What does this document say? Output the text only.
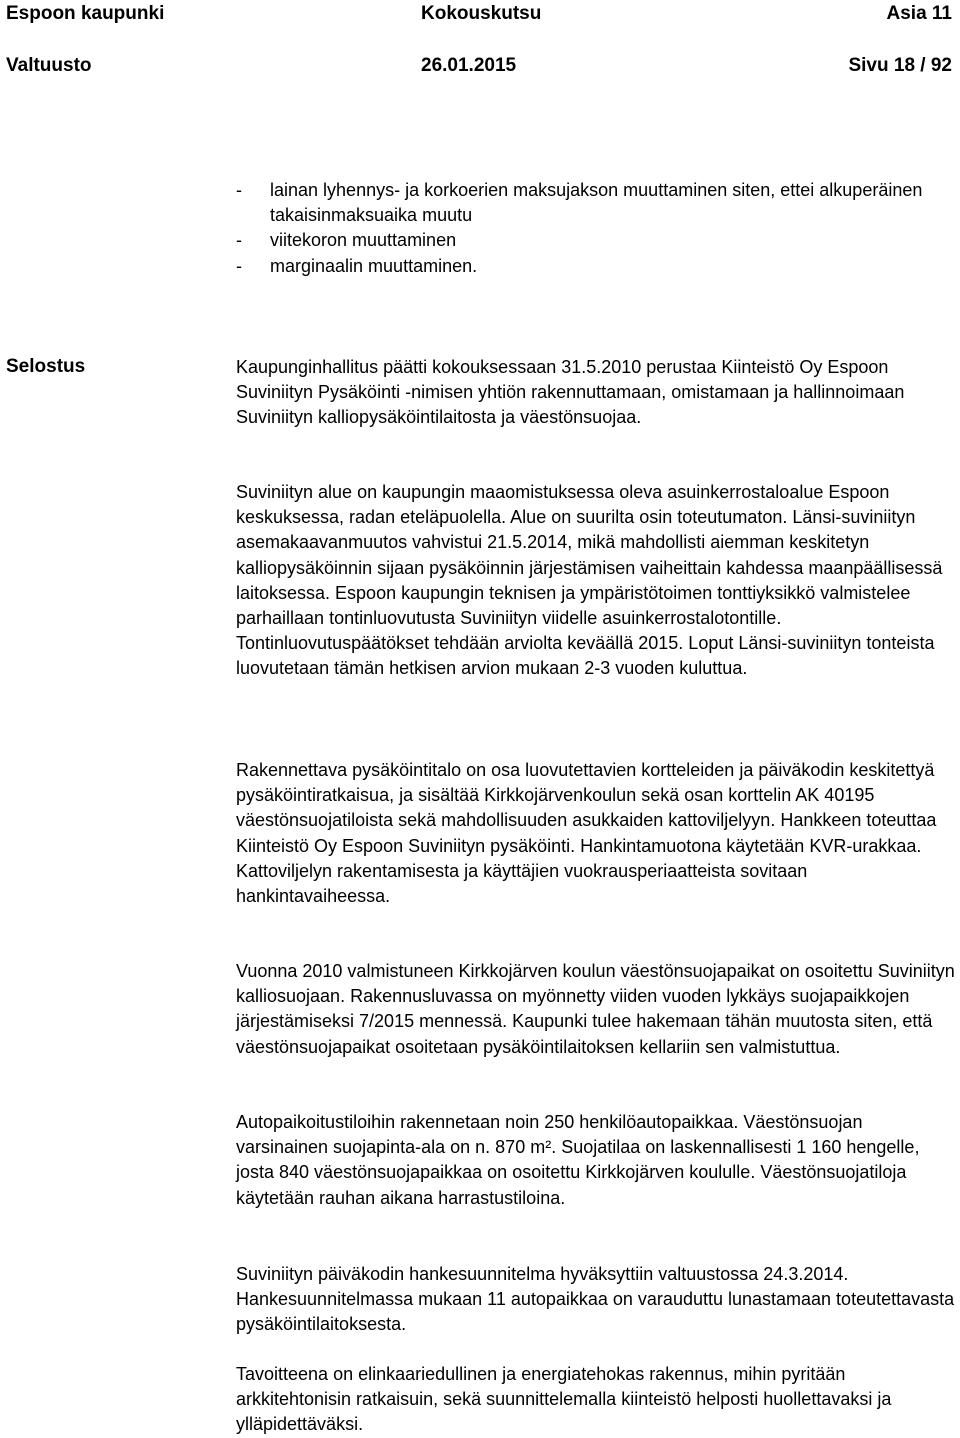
Espoon kaupunki	Kokouskutsu	Asia 11
Valtuusto	26.01.2015	Sivu 18 / 92
- lainan lyhennys- ja korkoerien maksujakson muuttaminen siten, ettei alkuperäinen takaisinmaksuaika muutu
- viitekoron muuttaminen
- marginaalin muuttaminen.
Selostus	Kaupunginhallitus päätti kokouksessaan 31.5.2010 perustaa Kiinteistö Oy Espoon Suviniityn Pysäköinti -nimisen yhtiön rakennuttamaan, omistamaan ja hallinnoimaan Suviniityn kalliopysäköintilaitosta ja väestönsuojaa.

Suviniityn alue on kaupungin maaomistuksessa oleva asuinkerrostaloalue Espoon keskuksessa, radan eteläpuolella. Alue on suurilta osin toteutumaton. Länsi-suviniityn asemakaavanmuutos vahvistui 21.5.2014, mikä mahdollisti aiemman keskitetyn kalliopysäköinnin sijaan pysäköinnin järjestämisen vaiheittain kahdessa maanpäällisessä laitoksessa. Espoon kaupungin teknisen ja ympäristötoimen tonttiyksikkö valmistelee parhaillaan tontinluovutusta Suviniityn viidelle asuinkerrostalotontille. Tontinluovutuspäätökset tehdään arviolta keväällä 2015. Loput Länsi-suviniityn tonteista luovutetaan tämän hetkisen arvion mukaan 2-3 vuoden kuluttua.

Rakennettava pysäköintitalo on osa luovutettavien kortteleiden ja päiväkodin keskitettyä pysäköintiratkaisua, ja sisältää Kirkkojärvenkoulun sekä osan korttelin AK 40195 väestönsuojatiloista sekä mahdollisuuden asukkaiden kattoviljelyyn. Hankkeen toteuttaa Kiinteistö Oy Espoon Suviniityn pysäköinti. Hankintamuotona käytetään KVR-urakkaa. Kattoviljelyn rakentamisesta ja käyttäjien vuokrausperiaatteista sovitaan hankintavaiheessa.

Vuonna 2010 valmistuneen Kirkkojärven koulun väestönsuojapaikat on osoitettu Suviniityn kalliosuojaan. Rakennusluvassa on myönnetty viiden vuoden lykkäys suojapaikkojen järjestämiseksi 7/2015 mennessä. Kaupunki tulee hakemaan tähän muutosta siten, että väestönsuojapaikat osoitetaan pysäköintilaitoksen kellariin sen valmistuttua.

Autopaikoitustiloihin rakennetaan noin 250 henkilöautopaikkaa. Väestönsuojan varsinainen suojapinta-ala on n. 870 m². Suojatilaa on laskennallisesti 1 160 hengelle, josta 840 väestönsuojapaikkaa on osoitettu Kirkkojärven koululle. Väestönsuojatiloja käytetään rauhan aikana harrastustiloina.

Suviniityn päiväkodin hankesuunnitelma hyväksyttiin valtuustossa 24.3.2014. Hankesuunnitelmassa mukaan 11 autopaikkaa on varauduttu lunastamaan toteutettavasta pysäköintilaitoksesta.

Tavoitteena on elinkaariedullinen ja energiatehokas rakennus, mihin pyritään arkkitehtonisin ratkaisuin, sekä suunnittelemalla kiinteistö helposti huollettavaksi ja ylläpidettäväksi.
